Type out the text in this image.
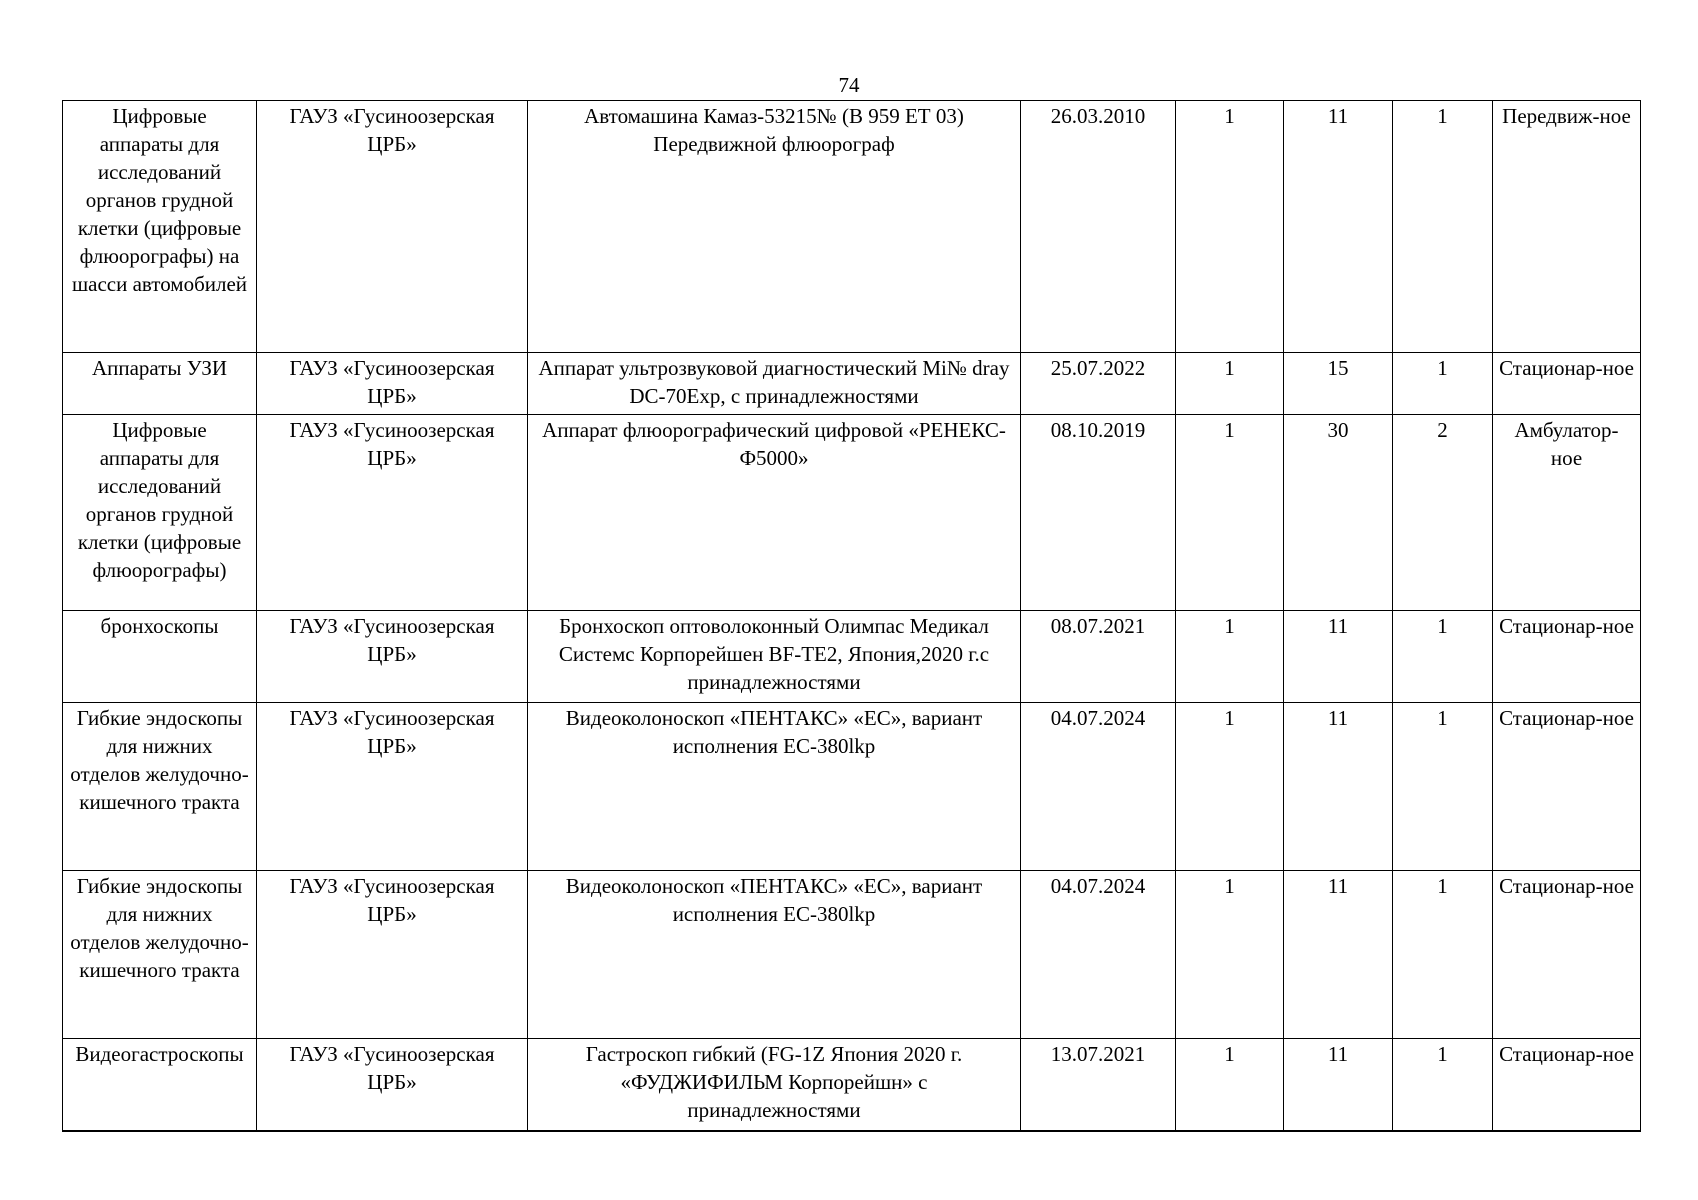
74
Цифровые аппараты для исследований органов грудной клетки (цифровые флюорографы) на шасси автомобилей	ГАУЗ «Гусиноозерская ЦРБ»	Автомашина Камаз-53215№ (В 959 ЕТ 03) Передвижной флюорограф	26.03.2010	1	11	1	Передвиж-ное
Аппараты УЗИ	ГАУЗ «Гусиноозерская ЦРБ»	Аппарат ультрозвуковой диагностический Mi№ dray DC-70Exp, с принадлежностями	25.07.2022	1	15	1	Стационар-ное
Цифровые аппараты для исследований органов грудной клетки (цифровые флюорографы)	ГАУЗ «Гусиноозерская ЦРБ»	Аппарат флюорографический цифровой «РЕНЕКС-Ф5000»	08.10.2019	1	30	2	Амбулатор-ное
бронхоскопы	ГАУЗ «Гусиноозерская ЦРБ»	Бронхоскоп оптоволоконный Олимпас Медикал Системс Корпорейшен BF-TE2, Япония,2020 г.с принадлежностями	08.07.2021	1	11	1	Стационар-ное
Гибкие эндоскопы для нижних отделов желудочно-кишечного тракта	ГАУЗ «Гусиноозерская ЦРБ»	Видеоколоноскоп «ПЕНТАКС» «ЕС», вариант исполнения ЕС-380lkp	04.07.2024	1	11	1	Стационар-ное
Гибкие эндоскопы для нижних отделов желудочно-кишечного тракта	ГАУЗ «Гусиноозерская ЦРБ»	Видеоколоноскоп «ПЕНТАКС» «ЕС», вариант исполнения ЕС-380lkp	04.07.2024	1	11	1	Стационар-ное
Видеогастроскопы	ГАУЗ «Гусиноозерская ЦРБ»	Гастроскоп гибкий (FG-1Z Япония 2020 г. «ФУДЖИФИЛЬМ Корпорейшн» с принадлежностями	13.07.2021	1	11	1	Стационар-ное
